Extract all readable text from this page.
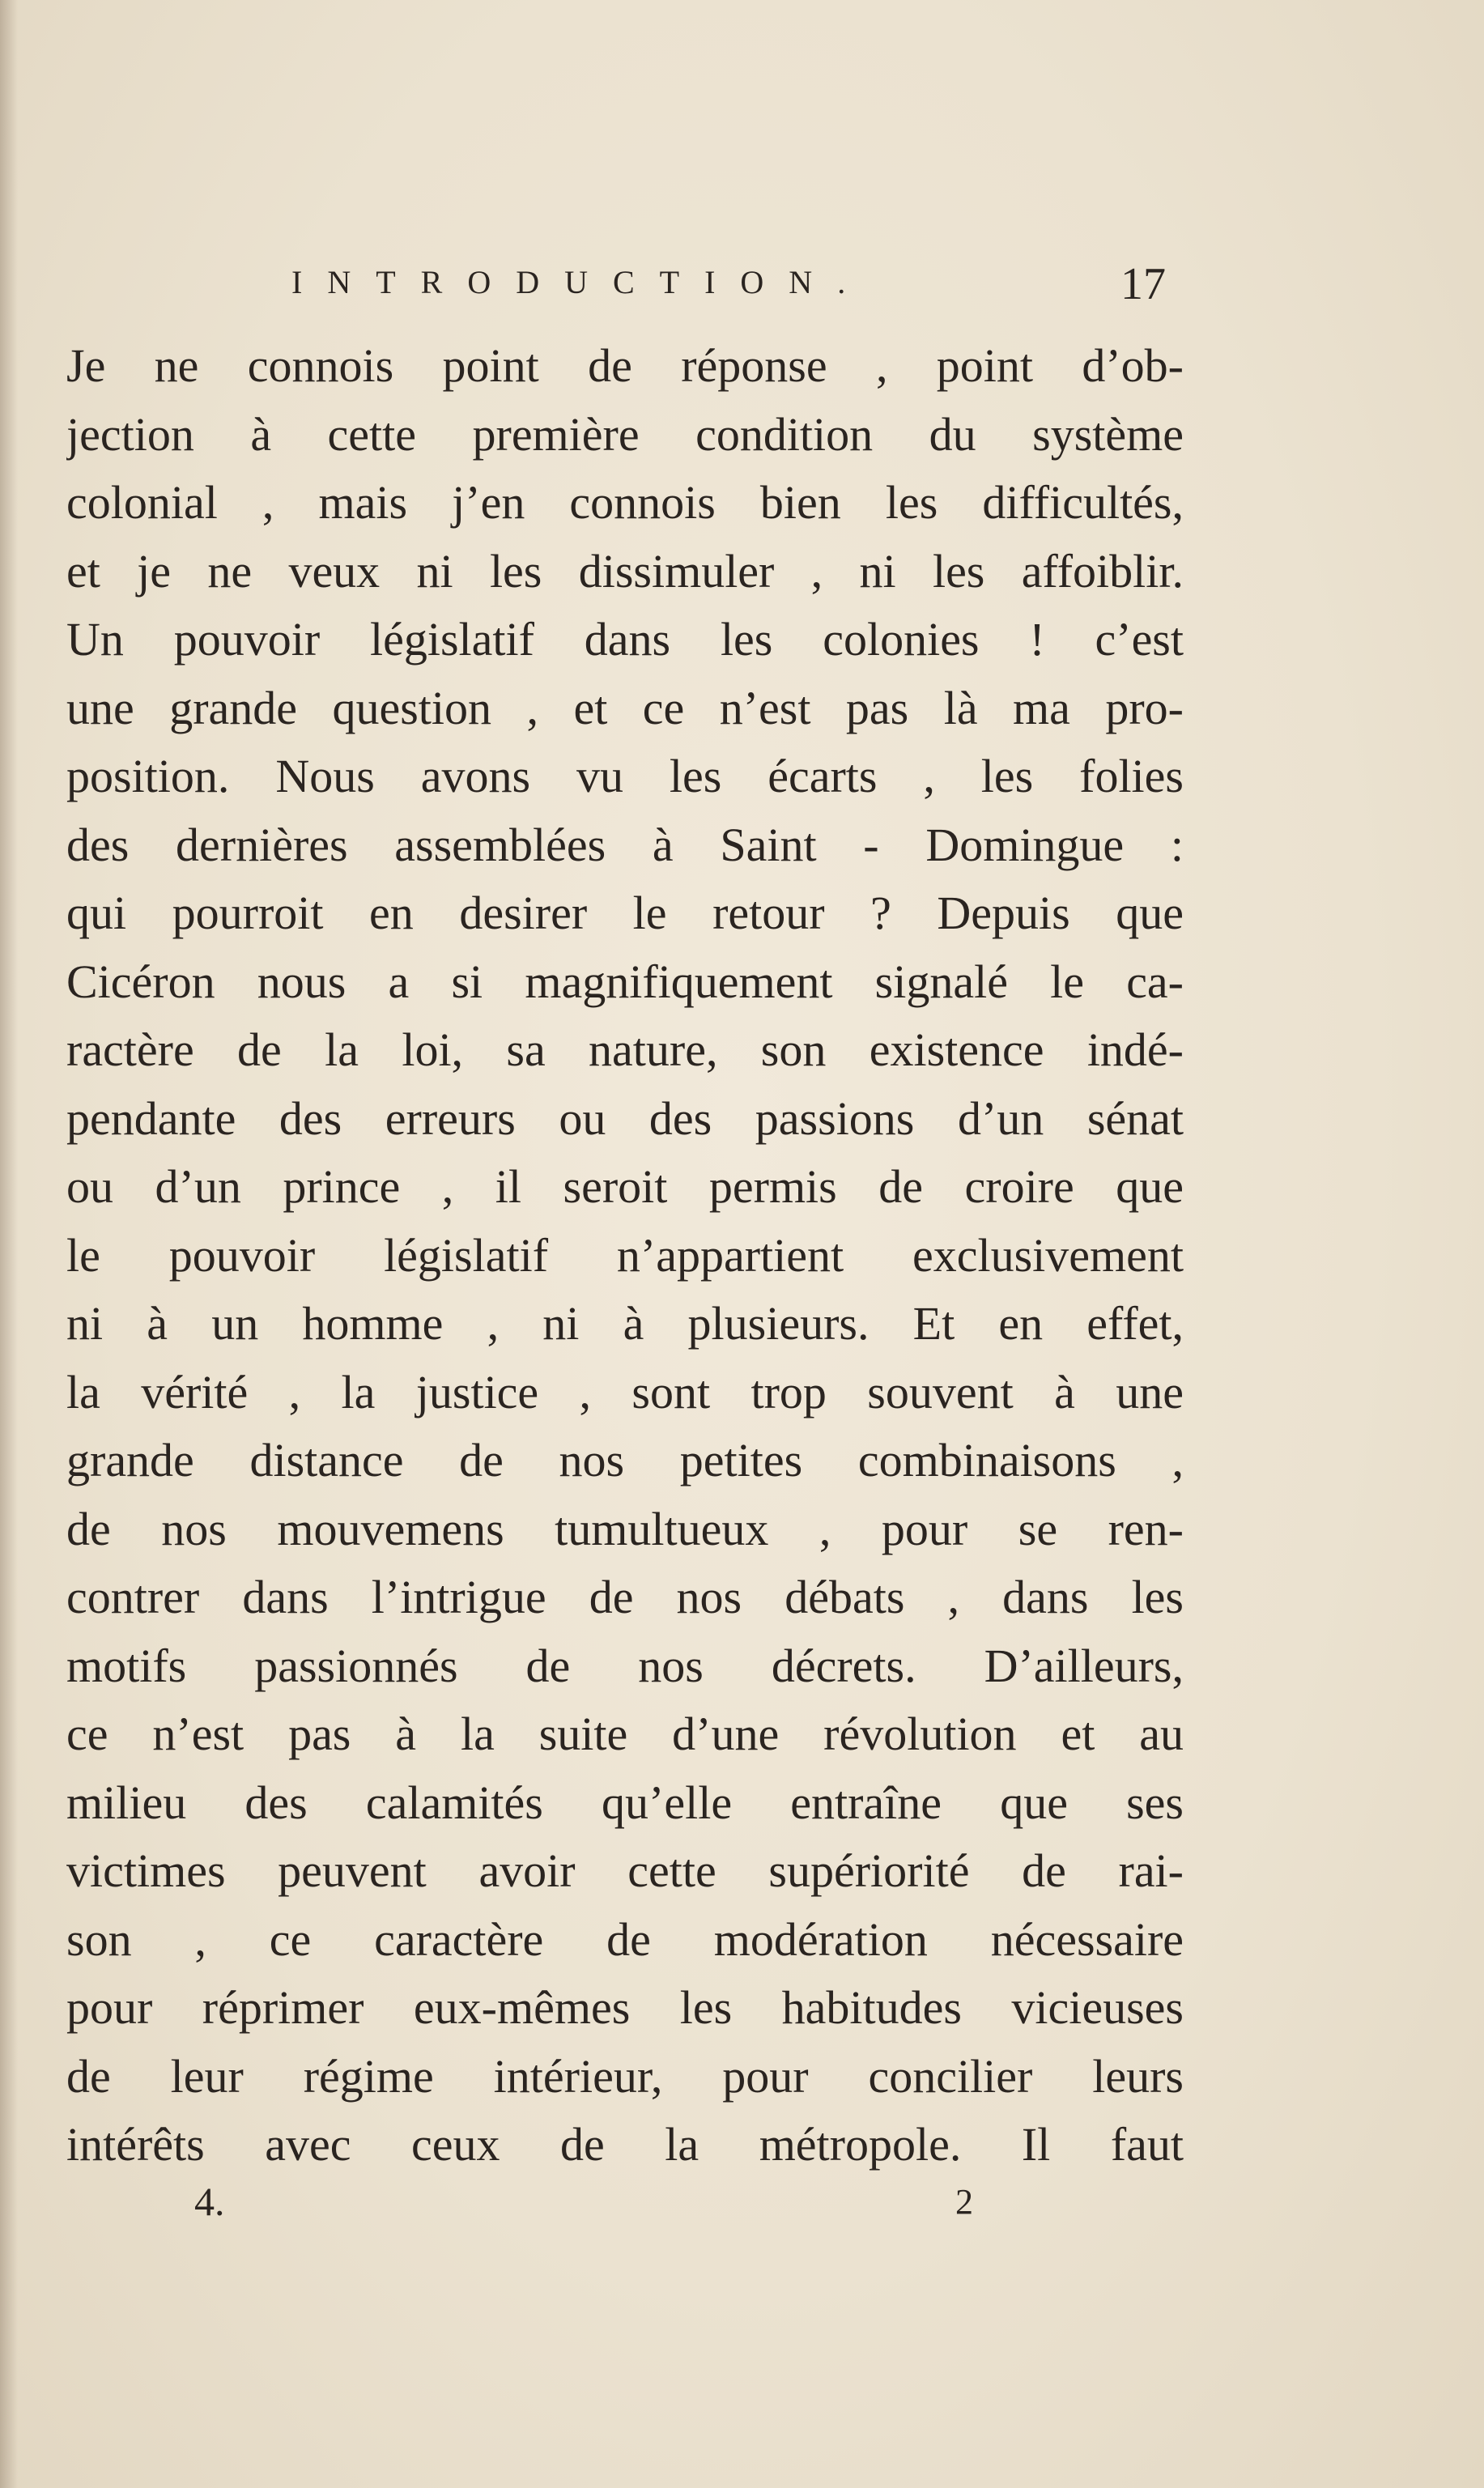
INTRODUCTION.	17
Je ne connois point de réponse , point d’ob-
jection à cette première condition du système
colonial , mais j’en connois bien les difficultés,
et je ne veux ni les dissimuler , ni les affoiblir.
Un pouvoir législatif dans les colonies ! c’est
une grande question , et ce n’est pas là ma pro-
position. Nous avons vu les écarts , les folies
des dernières assemblées à Saint - Domingue :
qui pourroit en desirer le retour ? Depuis que
Cicéron nous a si magnifiquement signalé le ca-
ractère de la loi, sa nature, son existence indé-
pendante des erreurs ou des passions d’un sénat
ou d’un prince , il seroit permis de croire que
le pouvoir législatif n’appartient exclusivement
ni à un homme , ni à plusieurs. Et en effet,
la vérité , la justice , sont trop souvent à une
grande distance de nos petites combinaisons ,
de nos mouvemens tumultueux , pour se ren-
contrer dans l’intrigue de nos débats , dans les
motifs passionnés de nos décrets. D’ailleurs,
ce n’est pas à la suite d’une révolution et au
milieu des calamités qu’elle entraîne que ses
victimes peuvent avoir cette supériorité de rai-
son , ce caractère de modération nécessaire
pour réprimer eux-mêmes les habitudes vicieuses
de leur régime intérieur, pour concilier leurs
intérêts avec ceux de la métropole. Il faut
4.	2
